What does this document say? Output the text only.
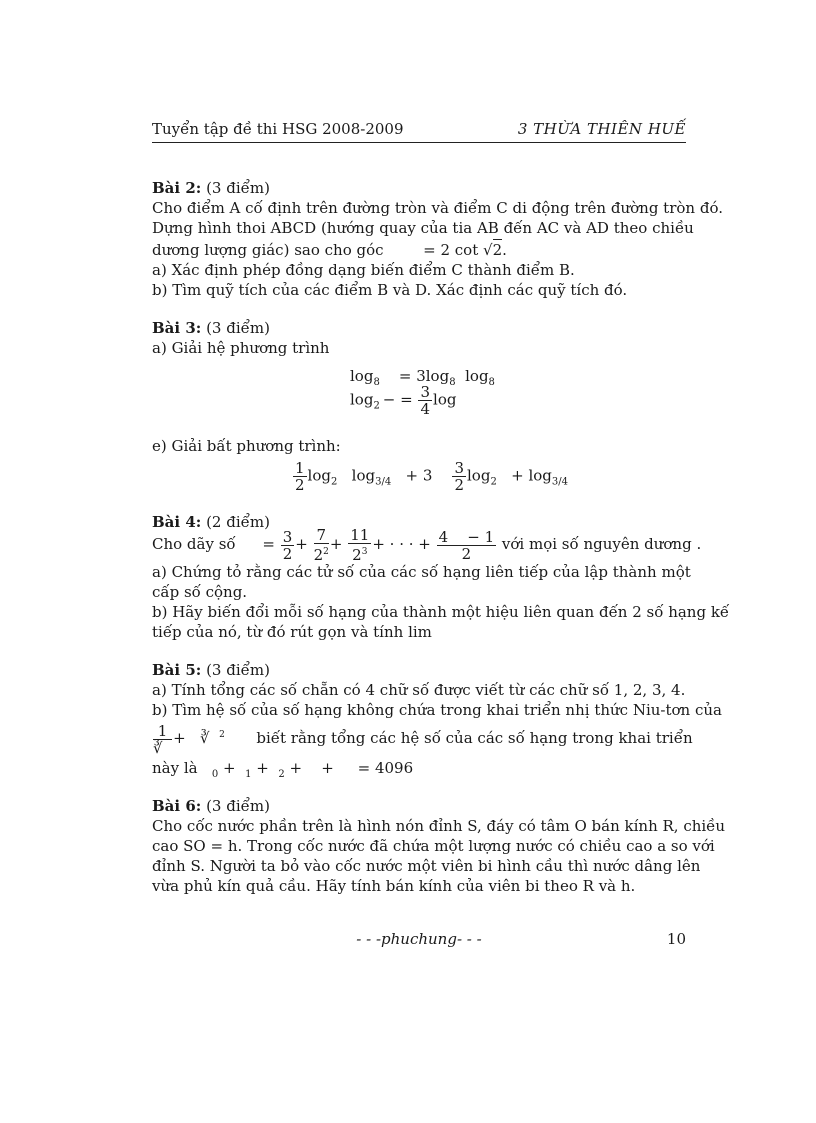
Tuyển tập đề thi HSG 2008-2009	3 THỪA THIÊN HUẾ
Bài 2: (3 điểm)
Cho điểm A cố định trên đường tròn và điểm C di động trên đường tròn đó.
Dựng hình thoi ABCD (hướng quay của tia AB đến AC và AD theo chiều
dương lượng giác) sao cho góc	= 2 cot √2.
a) Xác định phép đồng dạng biến điểm C thành điểm B.
b) Tìm quỹ tích của các điểm B và D. Xác định các quỹ tích đó.
Bài 3: (3 điểm)
a) Giải hệ phương trình
$\log_8$    = $3\log_8$  $\log_8$
$\log_2$ − = $\frac{3}{4}$ log
e) Giải bất phương trình:
$\frac{1}{2} \log_2 \log_{3/4} + 3 \frac{3}{2} \log_2 + \log_{3/4}$
Bài 4: (2 điểm)
Cho dãy số = $\frac{3}{2} + \frac{7}{2^2} + \frac{11}{2^3}$ + · · · + $\frac{4 - 1}{2}$ với mọi số nguyên dương .
a) Chứng tỏ rằng các tử số của các số hạng liên tiếp của lập thành một
cấp số cộng.
b) Hãy biến đổi mỗi số hạng của thành một hiệu liên quan đến 2 số hạng kế
tiếp của nó, từ đó rút gọn và tính lim
Bài 5: (3 điểm)
a) Tính tổng các số chẵn có 4 chữ số được viết từ các chữ số 1, 2, 3, 4.
b) Tìm hệ số của số hạng không chứa trong khai triển nhị thức Niu-tơn của
$\frac{1}{∛}$ +   ∛  $^2$ biết rằng tổng các hệ số của các số hạng trong khai triển
này là $_0$ +  $_1$ +  $_2$ +    +     = 4096
Bài 6: (3 điểm)
Cho cốc nước phần trên là hình nón đỉnh S, đáy có tâm O bán kính R, chiều
cao SO = h. Trong cốc nước đã chứa một lượng nước có chiều cao a so với
đỉnh S. Người ta bỏ vào cốc nước một viên bi hình cầu thì nước dâng lên
vừa phủ kín quả cầu. Hãy tính bán kính của viên bi theo R và h.
- - -phuchung- - -	10
